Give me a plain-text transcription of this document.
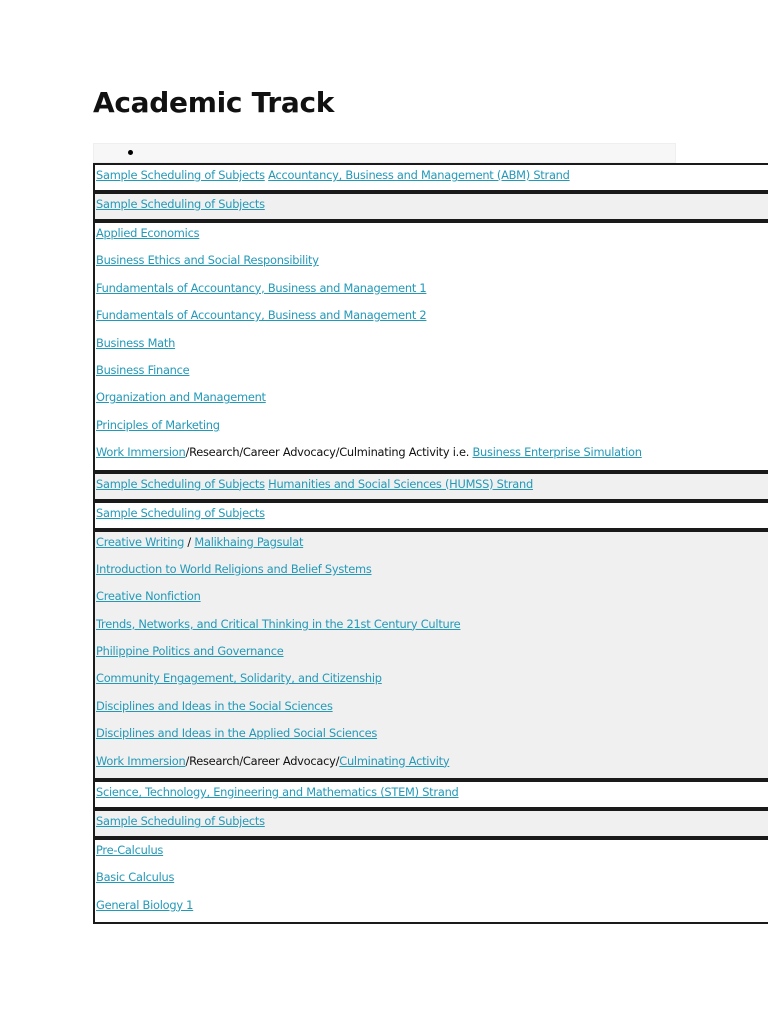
Academic Track
Sample Scheduling of Subjects Accountancy, Business and Management (ABM) Strand
Sample Scheduling of Subjects
Applied Economics
Business Ethics and Social Responsibility
Fundamentals of Accountancy, Business and Management 1
Fundamentals of Accountancy, Business and Management 2
Business Math
Business Finance
Organization and Management
Principles of Marketing
Work Immersion/Research/Career Advocacy/Culminating Activity i.e. Business Enterprise Simulation
Sample Scheduling of Subjects Humanities and Social Sciences (HUMSS) Strand
Sample Scheduling of Subjects
Creative Writing / Malikhaing Pagsulat
Introduction to World Religions and Belief Systems
Creative Nonfiction
Trends, Networks, and Critical Thinking in the 21st Century Culture
Philippine Politics and Governance
Community Engagement, Solidarity, and Citizenship
Disciplines and Ideas in the Social Sciences
Disciplines and Ideas in the Applied Social Sciences
Work Immersion/Research/Career Advocacy/Culminating Activity
Science, Technology, Engineering and Mathematics (STEM) Strand
Sample Scheduling of Subjects
Pre-Calculus
Basic Calculus
General Biology 1
